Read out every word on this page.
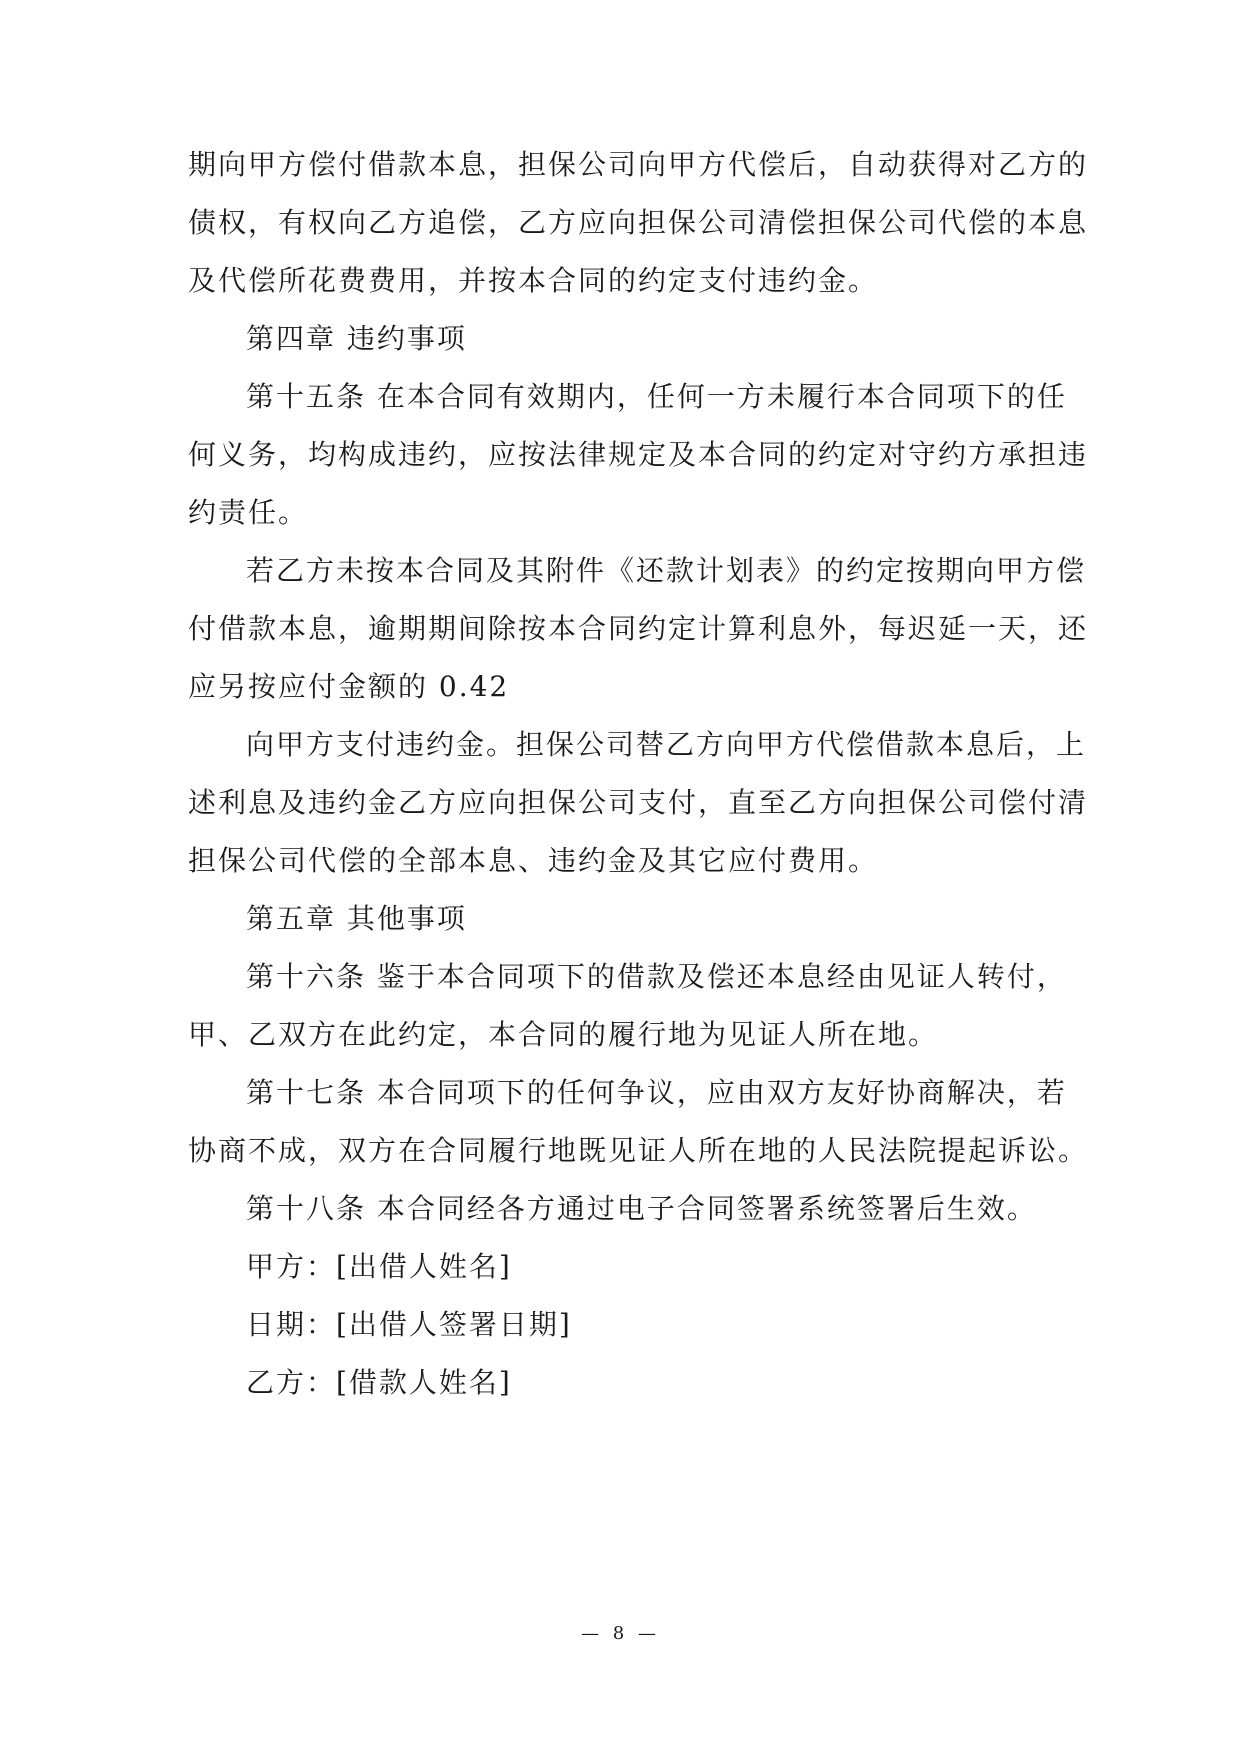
期向甲方偿付借款本息，担保公司向甲方代偿后，自动获得对乙方的
债权，有权向乙方追偿，乙方应向担保公司清偿担保公司代偿的本息
及代偿所花费费用，并按本合同的约定支付违约金。
第四章 违约事项
第十五条 在本合同有效期内，任何一方未履行本合同项下的任
何义务，均构成违约，应按法律规定及本合同的约定对守约方承担违
约责任。
若乙方未按本合同及其附件《还款计划表》的约定按期向甲方偿
付借款本息，逾期期间除按本合同约定计算利息外，每迟延一天，还
应另按应付金额的 0.42
向甲方支付违约金。担保公司替乙方向甲方代偿借款本息后，上
述利息及违约金乙方应向担保公司支付，直至乙方向担保公司偿付清
担保公司代偿的全部本息、违约金及其它应付费用。
第五章 其他事项
第十六条 鉴于本合同项下的借款及偿还本息经由见证人转付，
甲、乙双方在此约定，本合同的履行地为见证人所在地。
第十七条 本合同项下的任何争议，应由双方友好协商解决，若
协商不成，双方在合同履行地既见证人所在地的人民法院提起诉讼。
第十八条 本合同经各方通过电子合同签署系统签署后生效。
甲方：[出借人姓名]
日期：[出借人签署日期]
乙方：[借款人姓名]
— 8 —
